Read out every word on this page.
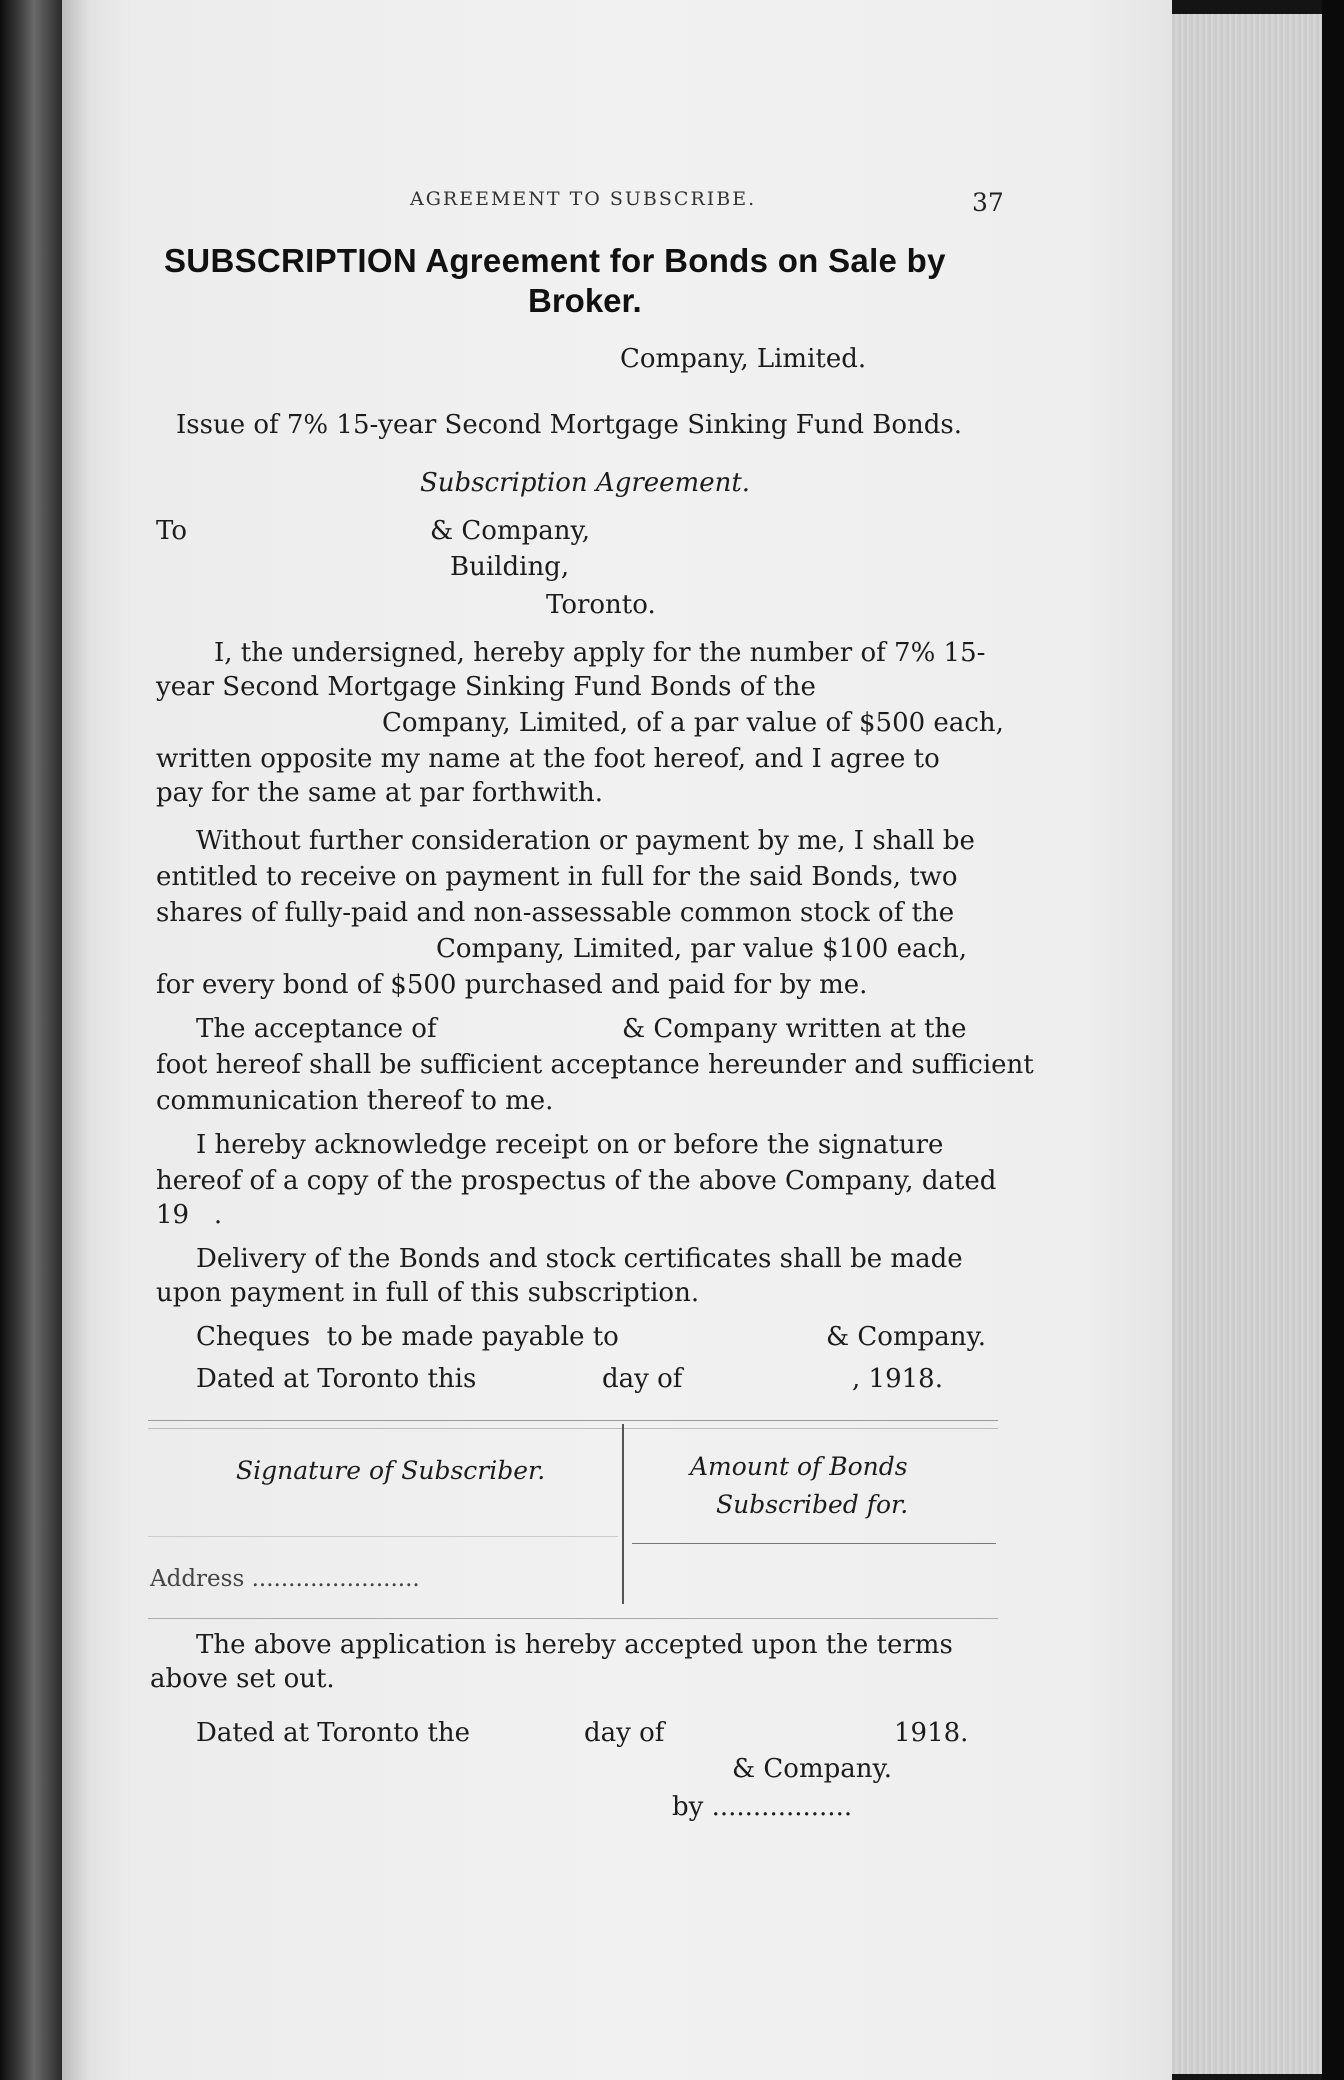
AGREEMENT TO SUBSCRIBE.	37
SUBSCRIPTION Agreement for Bonds on Sale by
Broker.
Company, Limited.
Issue of 7% 15-year Second Mortgage Sinking Fund Bonds.
Subscription Agreement.
To	& Company,
Building,
Toronto.
I, the undersigned, hereby apply for the number of 7% 15-
year Second Mortgage Sinking Fund Bonds of the
Company, Limited, of a par value of $500 each,
written opposite my name at the foot hereof, and I agree to
pay for the same at par forthwith.
Without further consideration or payment by me, I shall be
entitled to receive on payment in full for the said Bonds, two
shares of fully-paid and non-assessable common stock of the
Company, Limited, par value $100 each,
for every bond of $500 purchased and paid for by me.
The acceptance of	& Company written at the
foot hereof shall be sufficient acceptance hereunder and sufficient
communication thereof to me.
I hereby acknowledge receipt on or before the signature
hereof of a copy of the prospectus of the above Company, dated
19   .
Delivery of the Bonds and stock certificates shall be made
upon payment in full of this subscription.
Cheques  to be made payable to	& Company.
Dated at Toronto this	day of	, 1918.
Signature of Subscriber.	Amount of Bonds
Subscribed for.
Address .......................
The above application is hereby accepted upon the terms
above set out.
Dated at Toronto the	day of	1918.
& Company.
by .................
